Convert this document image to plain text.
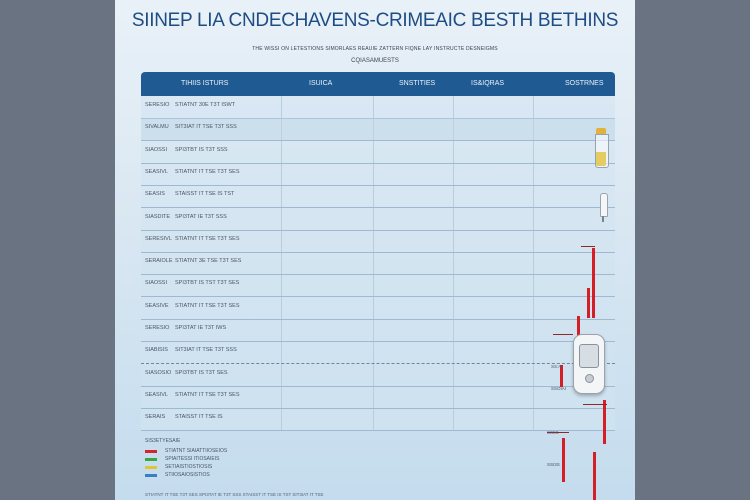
SIINEP LIA CNDECHAVENS-CRIMEAIC BESTH BETHINS
THE WISSI ON LETESTIONS SIMORLAES REAUIE ZATTERN FIQNE LAY INSTRUCTE DESNEIGMS
CQIASAMUESTS
TIHIIS ISTURS	ISUICA	SNSTITIES	IS&IQRAS	SOSTRNES
SERESIO STIATNT 30E T3T ISWT
SIVALMU SIT3IAT IT TSE T3T SSS
SIAOSSI SPI3TBT IS T3T SSS
SEASIVL STIATNT IT TSE T3T SES
SEASIS STAISST IT TSE IS TST
SIASDITE SPI3TAT IE T3T SSS
SERESIVL STIATNT IT TSE T3T SES
SERAIOLE STIATNT 3E TSE T3T SES
SIAOSSI SPI3TBT IS TST T3T SES
SEASIVE STIATNT IT TSE T3T SES
SERESIO SPI3TAT IE T3T IWS
SIABISIS SIT3IAT IT TSE T3T SSS
SIASOSIO SPI3TBT IS T3T SES
SEASIVL STIATNT IT TSE T3T SES
SERAIS STAISST IT TSE IS
SIS3ETYESAIE
STIATNT SIAIATTIIOSEIOS
SPIAITESSI ITIOSAIEIS
SETIAISTIOSTIOSIS
STIIOSAIOSISTIOS
STIATNT IT TSE T3T SES SPI3TAT IE T3T SSS STAISST IT TSE IS TST SIT3IAT IT TSE
SS:AI
SSOIAI
SSIIS
SSI3S
